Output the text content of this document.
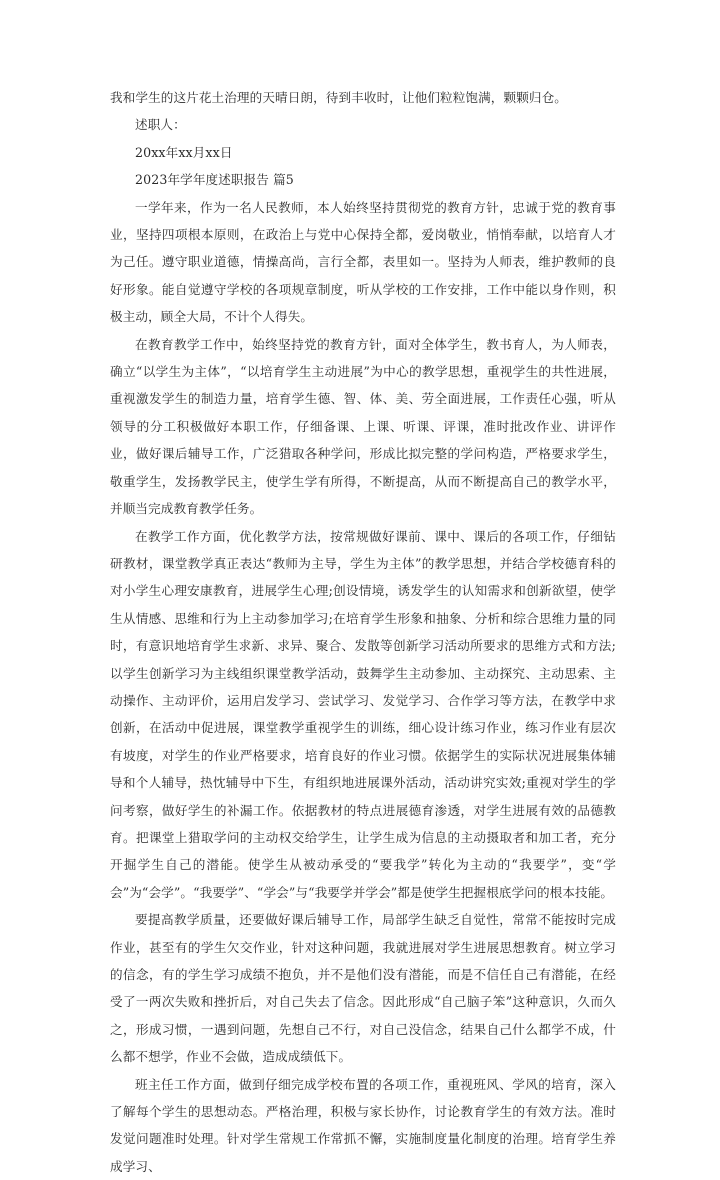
我和学生的这片花土治理的天晴日朗，待到丰收时，让他们粒粒饱满，颗颗归仓。

述职人：

20xx年xx月xx日

2023年学年度述职报告 篇5

一学年来，作为一名人民教师，本人始终坚持贯彻党的教育方针，忠诚于党的教育事业，坚持四项根本原则，在政治上与党中心保持全都，爱岗敬业，悄悄奉献，以培育人才为己任。遵守职业道德，情操高尚，言行全都，表里如一。坚持为人师表，维护教师的良好形象。能自觉遵守学校的各项规章制度，听从学校的工作安排，工作中能以身作则，积极主动，顾全大局，不计个人得失。

在教育教学工作中，始终坚持党的教育方针，面对全体学生，教书育人，为人师表，确立“以学生为主体”，“以培育学生主动进展”为中心的教学思想，重视学生的共性进展，重视激发学生的制造力量，培育学生德、智、体、美、劳全面进展，工作责任心强，听从领导的分工积极做好本职工作，仔细备课、上课、听课、评课，准时批改作业、讲评作业，做好课后辅导工作，广泛猎取各种学问，形成比拟完整的学问构造，严格要求学生，敬重学生，发扬教学民主，使学生学有所得，不断提高，从而不断提高自己的教学水平，并顺当完成教育教学任务。

在教学工作方面，优化教学方法，按常规做好课前、课中、课后的各项工作，仔细钻研教材，课堂教学真正表达“教师为主导，学生为主体”的教学思想，并结合学校德育科的对小学生心理安康教育，进展学生心理;创设情境，诱发学生的认知需求和创新欲望，使学生从情感、思维和行为上主动参加学习;在培育学生形象和抽象、分析和综合思维力量的同时，有意识地培育学生求新、求异、聚合、发散等创新学习活动所要求的思维方式和方法;以学生创新学习为主线组织课堂教学活动，鼓舞学生主动参加、主动探究、主动思索、主动操作、主动评价，运用启发学习、尝试学习、发觉学习、合作学习等方法，在教学中求创新，在活动中促进展，课堂教学重视学生的训练，细心设计练习作业，练习作业有层次有坡度，对学生的作业严格要求，培育良好的作业习惯。依据学生的实际状况进展集体辅导和个人辅导，热忱辅导中下生，有组织地进展课外活动，活动讲究实效;重视对学生的学问考察，做好学生的补漏工作。依据教材的特点进展德育渗透，对学生进展有效的品德教育。把课堂上猎取学问的主动权交给学生，让学生成为信息的主动摄取者和加工者，充分开掘学生自己的潜能。使学生从被动承受的“要我学”转化为主动的“我要学”，变“学会”为“会学”。“我要学”、“学会”与“我要学并学会”都是使学生把握根底学问的根本技能。

要提高教学质量，还要做好课后辅导工作，局部学生缺乏自觉性，常常不能按时完成作业，甚至有的学生欠交作业，针对这种问题，我就进展对学生进展思想教育。树立学习的信念，有的学生学习成绩不抱负，并不是他们没有潜能，而是不信任自己有潜能，在经受了一两次失败和挫折后，对自己失去了信念。因此形成“自己脑子笨”这种意识，久而久之，形成习惯，一遇到问题，先想自己不行，对自己没信念，结果自己什么都学不成，什么都不想学，作业不会做，造成成绩低下。

班主任工作方面，做到仔细完成学校布置的各项工作，重视班风、学风的培育，深入了解每个学生的思想动态。严格治理，积极与家长协作，讨论教育学生的有效方法。准时发觉问题准时处理。针对学生常规工作常抓不懈，实施制度量化制度的治理。培育学生养成学习、
